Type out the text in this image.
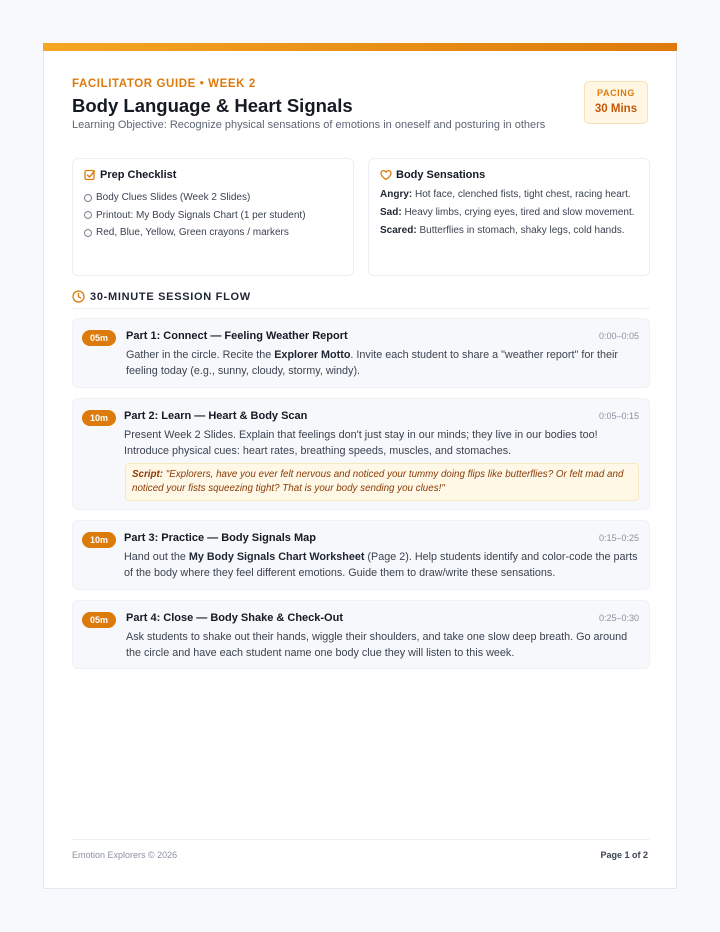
FACILITATOR GUIDE • WEEK 2
Body Language & Heart Signals
Learning Objective: Recognize physical sensations of emotions in oneself and posturing in others
PACING
30 Mins
Prep Checklist
Body Clues Slides (Week 2 Slides)
Printout: My Body Signals Chart (1 per student)
Red, Blue, Yellow, Green crayons / markers
Body Sensations
Angry: Hot face, clenched fists, tight chest, racing heart.
Sad: Heavy limbs, crying eyes, tired and slow movement.
Scared: Butterflies in stomach, shaky legs, cold hands.
30-MINUTE SESSION FLOW
05m	Part 1: Connect — Feeling Weather Report	0:00–0:05
Gather in the circle. Recite the Explorer Motto. Invite each student to share a "weather report" for their feeling today (e.g., sunny, cloudy, stormy, windy).
10m	Part 2: Learn — Heart & Body Scan	0:05–0:15
Present Week 2 Slides. Explain that feelings don't just stay in our minds; they live in our bodies too! Introduce physical cues: heart rates, breathing speeds, muscles, and stomaches.
Script: "Explorers, have you ever felt nervous and noticed your tummy doing flips like butterflies? Or felt mad and noticed your fists squeezing tight? That is your body sending you clues!"
10m	Part 3: Practice — Body Signals Map	0:15–0:25
Hand out the My Body Signals Chart Worksheet (Page 2). Help students identify and color-code the parts of the body where they feel different emotions. Guide them to draw/write these sensations.
05m	Part 4: Close — Body Shake & Check-Out	0:25–0:30
Ask students to shake out their hands, wiggle their shoulders, and take one slow deep breath. Go around the circle and have each student name one body clue they will listen to this week.
Emotion Explorers © 2026	Page 1 of 2
